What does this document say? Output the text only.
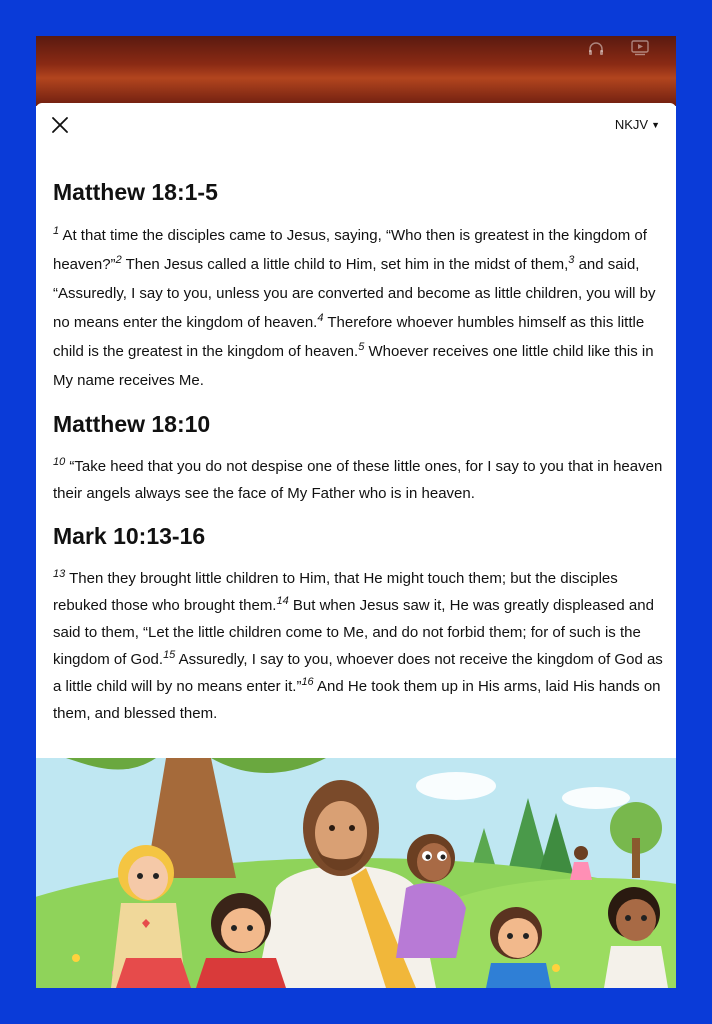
NKJV ▼
Matthew 18:1-5

$^1$ At that time the disciples came to Jesus, saying, “Who then is greatest in the kingdom of heaven?”$^2$ Then Jesus called a little child to Him, set him in the midst of them,$^3$ and said, “Assuredly, I say to you, unless you are converted and become as little children, you will by no means enter the kingdom of heaven.$^4$ Therefore whoever humbles himself as this little child is the greatest in the kingdom of heaven.$^5$ Whoever receives one little child like this in My name receives Me.

Matthew 18:10

$^{10}$ “Take heed that you do not despise one of these little ones, for I say to you that in heaven their angels always see the face of My Father who is in heaven.

Mark 10:13-16

$^{13}$ Then they brought little children to Him, that He might touch them; but the disciples rebuked those who brought them.$^{14}$ But when Jesus saw it, He was greatly displeased and said to them, “Let the little children come to Me, and do not forbid them; for of such is the kingdom of God.$^{15}$ Assuredly, I say to you, whoever does not receive the kingdom of God as a little child will by no means enter it.”$^{16}$ And He took them up in His arms, laid His hands on them, and blessed them.
